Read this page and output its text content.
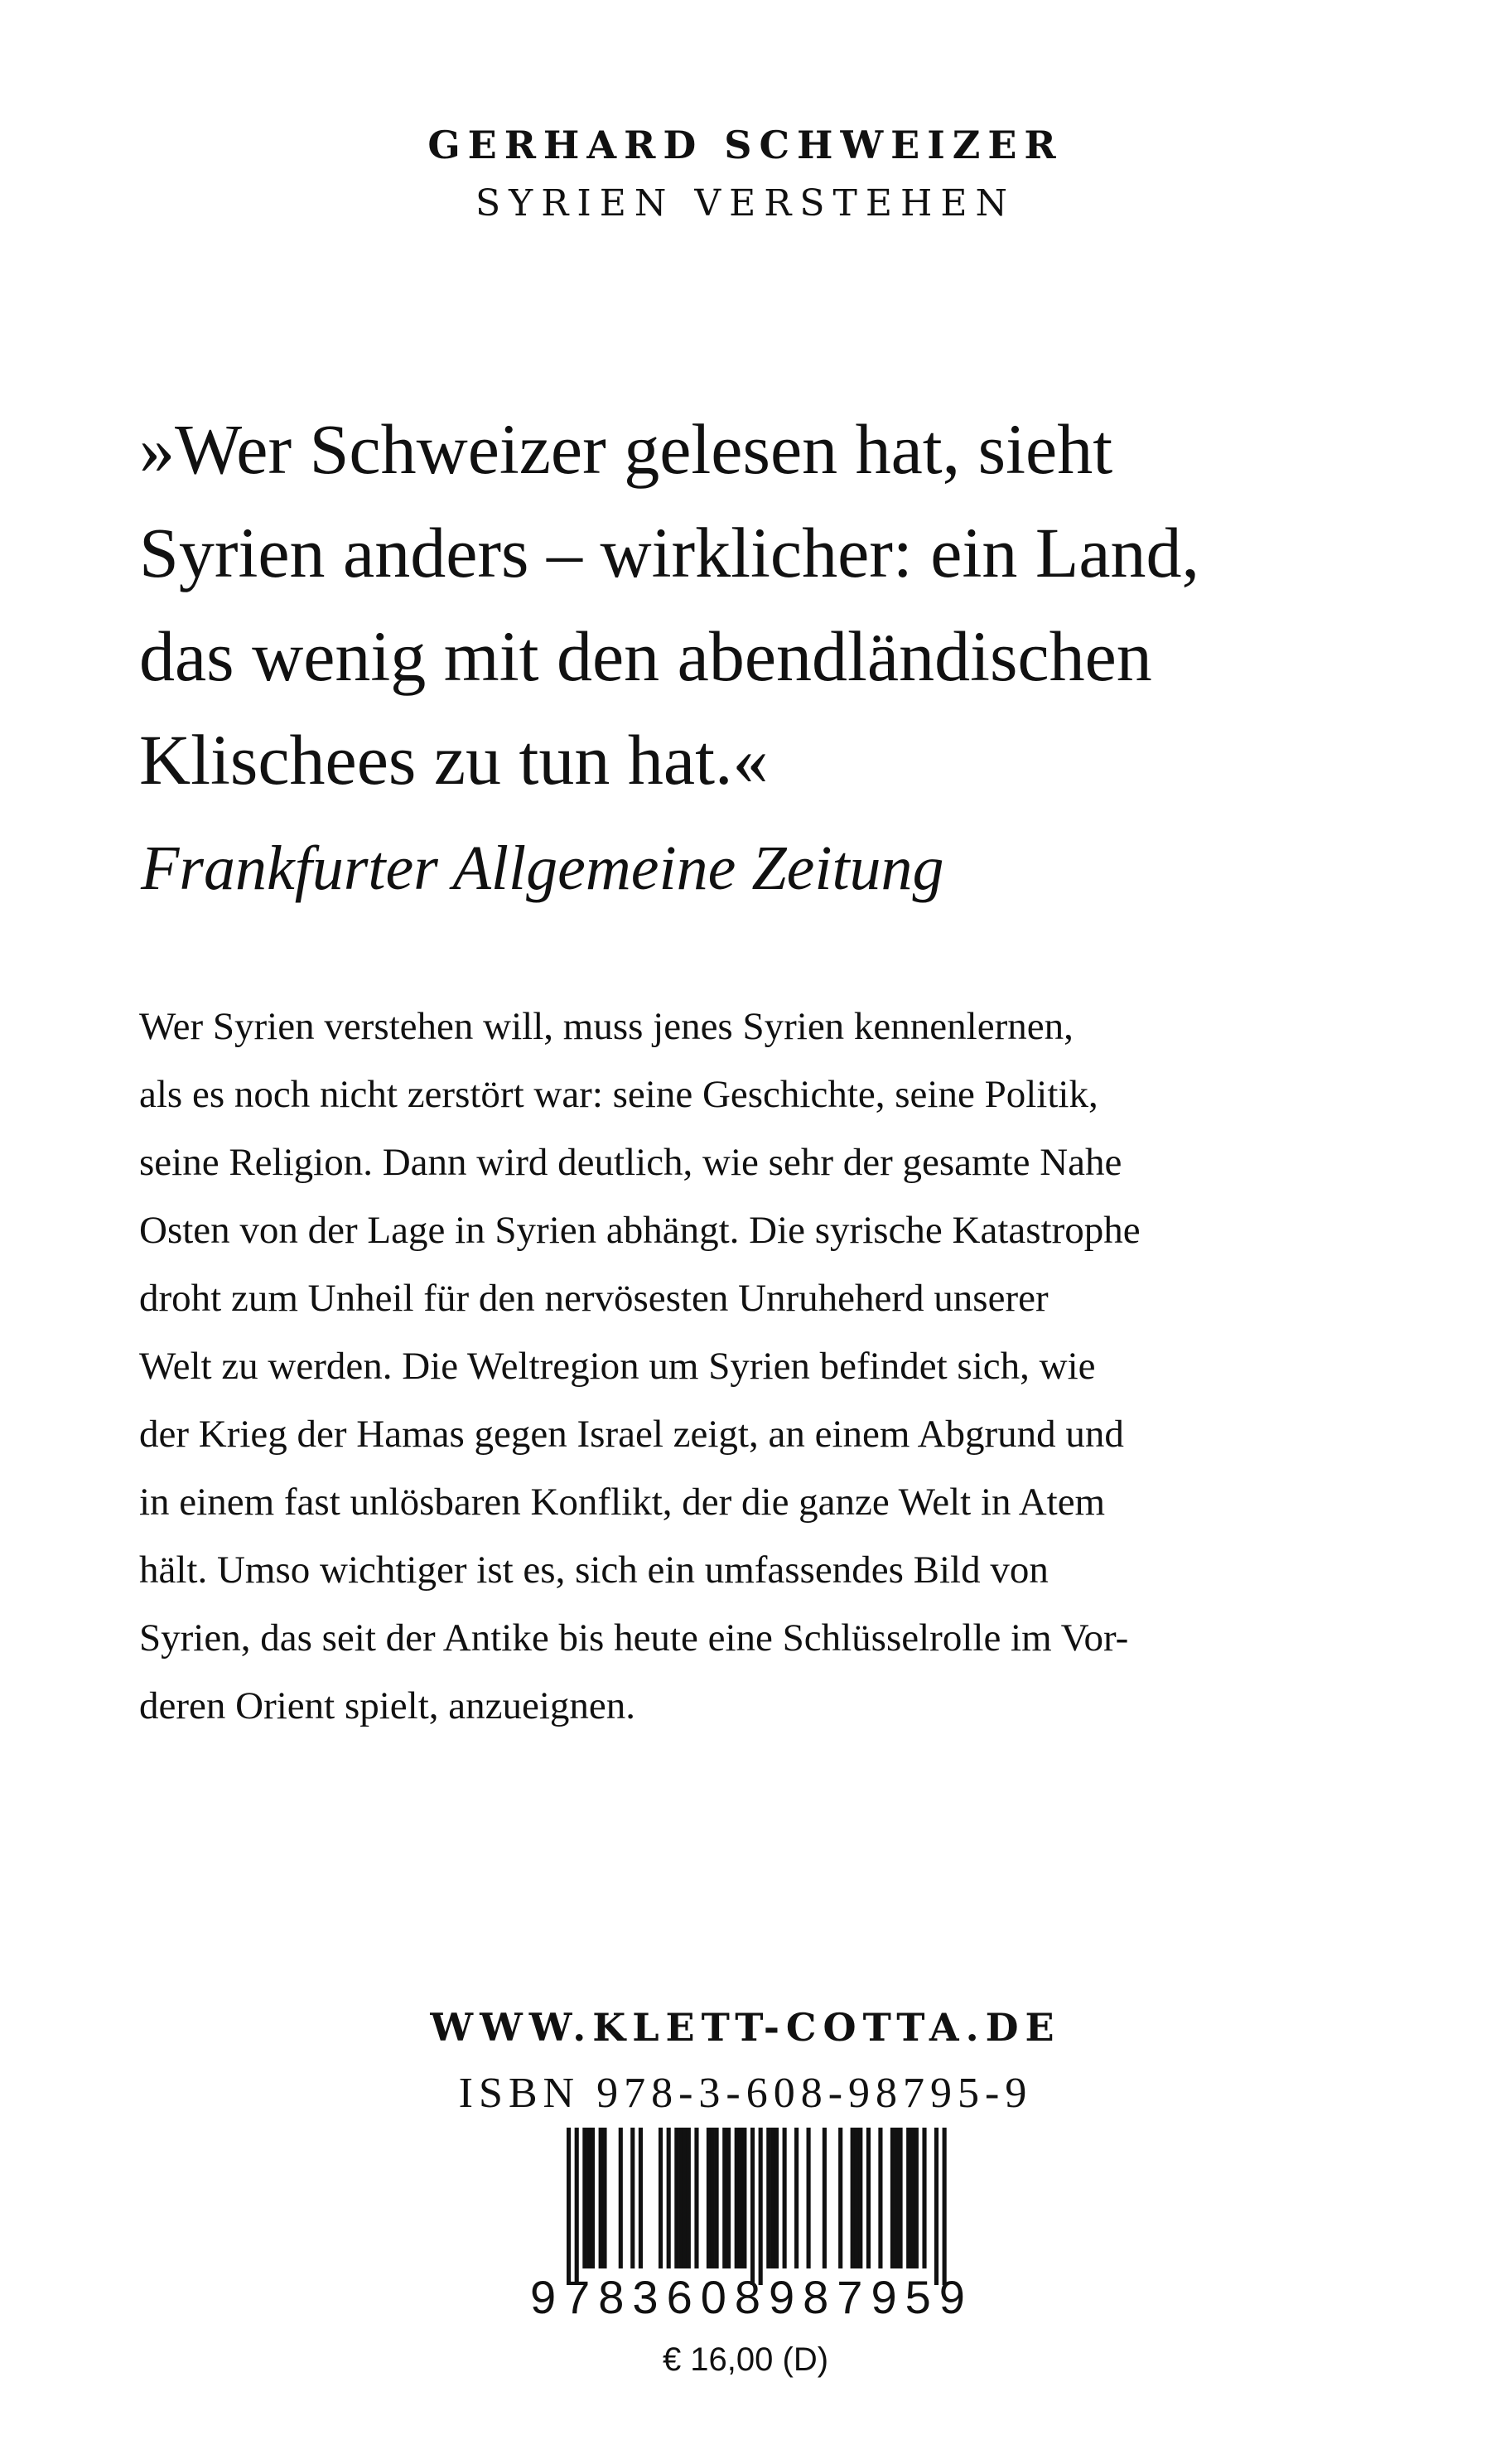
GERHARD SCHWEIZER
SYRIEN VERSTEHEN
»Wer Schweizer gelesen hat, sieht
Syrien anders – wirklicher: ein Land,
das wenig mit den abendländischen
Klischees zu tun hat.«
Frankfurter Allgemeine Zeitung
Wer Syrien verstehen will, muss jenes Syrien kennenlernen,
als es noch nicht zerstört war: seine Geschichte, seine Politik,
seine Religion. Dann wird deutlich, wie sehr der gesamte Nahe
Osten von der Lage in Syrien abhängt. Die syrische Katastrophe
droht zum Unheil für den nervösesten Unruheherd unserer
Welt zu werden. Die Weltregion um Syrien befindet sich, wie
der Krieg der Hamas gegen Israel zeigt, an einem Abgrund und
in einem fast unlösbaren Konflikt, der die ganze Welt in Atem
hält. Umso wichtiger ist es, sich ein umfassendes Bild von
Syrien, das seit der Antike bis heute eine Schlüsselrolle im Vor-
deren Orient spielt, anzueignen.
WWW.KLETT-COTTA.DE
ISBN 978-3-608-98795-9
9783608987959
€ 16,00 (D)
